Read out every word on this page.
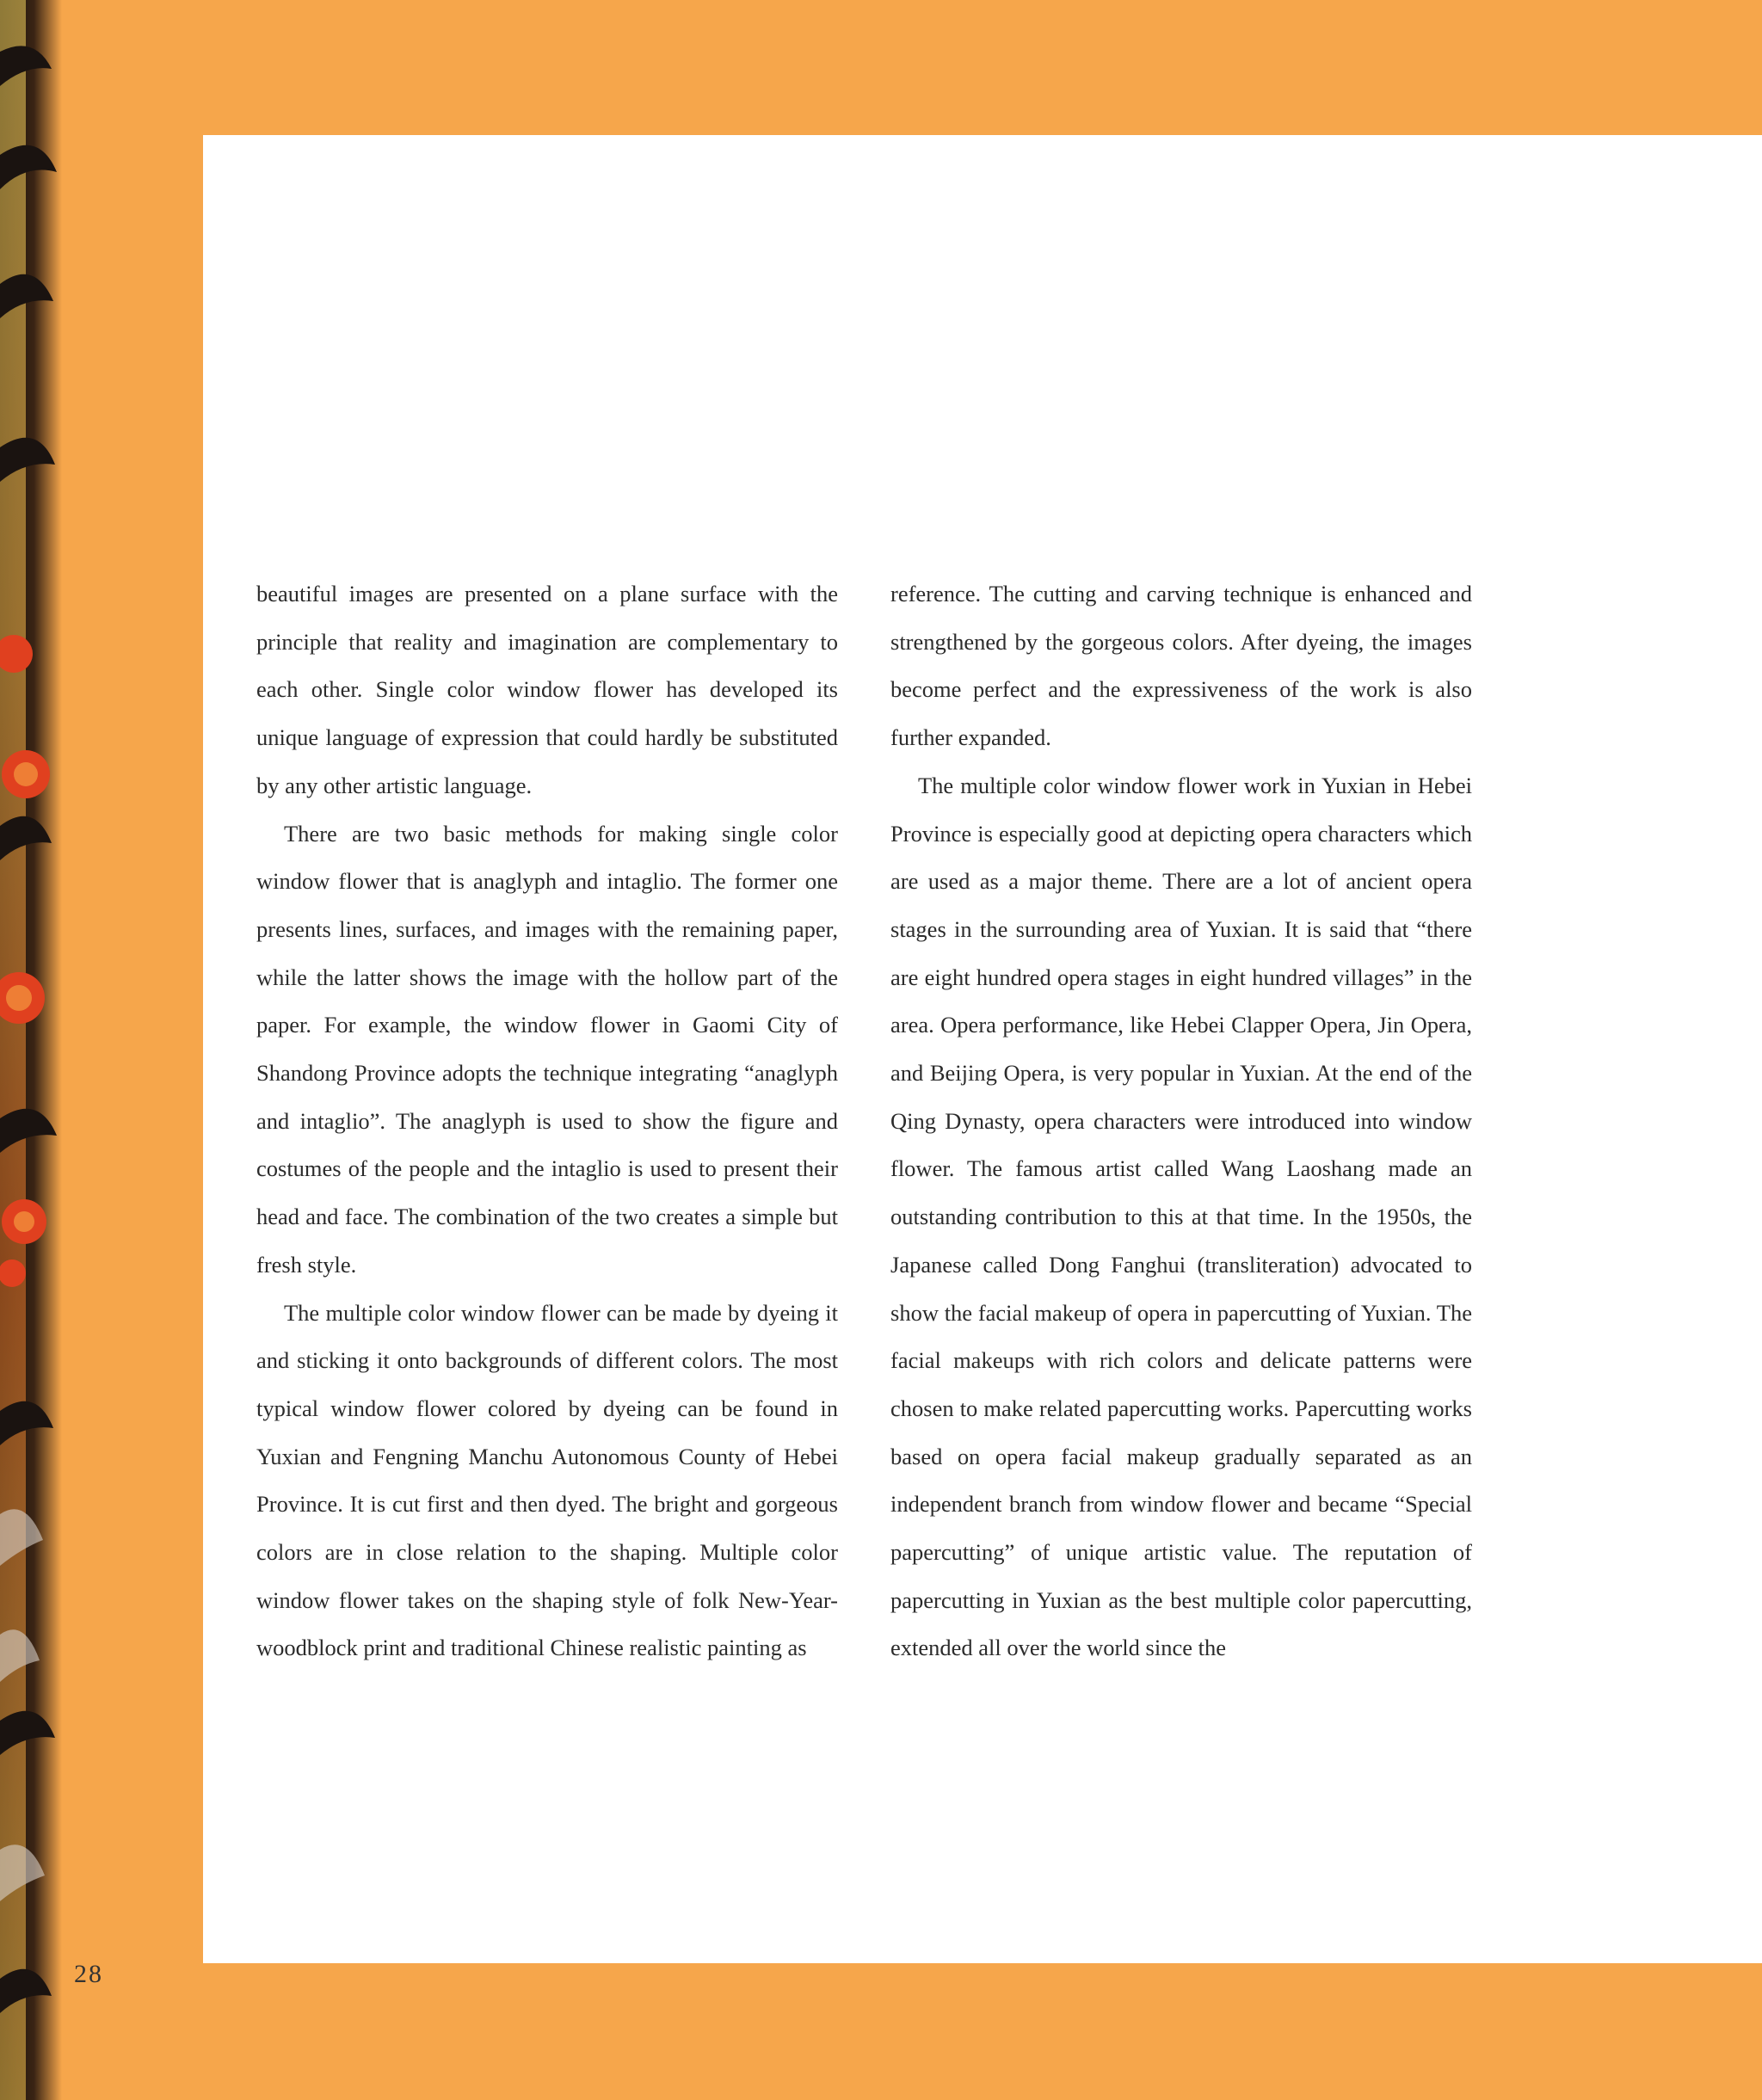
beautiful images are presented on a plane surface with the principle that reality and imagination are complementary to each other. Single color window flower has developed its unique language of expression that could hardly be substituted by any other artistic language.

There are two basic methods for making single color window flower that is anaglyph and intaglio. The former one presents lines, surfaces, and images with the remaining paper, while the latter shows the image with the hollow part of the paper. For example, the window flower in Gaomi City of Shandong Province adopts the technique integrating “anaglyph and intaglio”. The anaglyph is used to show the figure and costumes of the people and the intaglio is used to present their head and face. The combination of the two creates a simple but fresh style.

The multiple color window flower can be made by dyeing it and sticking it onto backgrounds of different colors. The most typical window flower colored by dyeing can be found in Yuxian and Fengning Manchu Autonomous County of Hebei Province. It is cut first and then dyed. The bright and gorgeous colors are in close relation to the shaping. Multiple color window flower takes on the shaping style of folk New-Year-woodblock print and traditional Chinese realistic painting as

reference. The cutting and carving technique is enhanced and strengthened by the gorgeous colors. After dyeing, the images become perfect and the expressiveness of the work is also further expanded.

The multiple color window flower work in Yuxian in Hebei Province is especially good at depicting opera characters which are used as a major theme. There are a lot of ancient opera stages in the surrounding area of Yuxian. It is said that “there are eight hundred opera stages in eight hundred villages” in the area. Opera performance, like Hebei Clapper Opera, Jin Opera, and Beijing Opera, is very popular in Yuxian. At the end of the Qing Dynasty, opera characters were introduced into window flower. The famous artist called Wang Laoshang made an outstanding contribution to this at that time. In the 1950s, the Japanese called Dong Fanghui (transliteration) advocated to show the facial makeup of opera in papercutting of Yuxian. The facial makeups with rich colors and delicate patterns were chosen to make related papercutting works. Papercutting works based on opera facial makeup gradually separated as an independent branch from window flower and became “Special papercutting” of unique artistic value. The reputation of papercutting in Yuxian as the best multiple color papercutting, extended all over the world since the

28
